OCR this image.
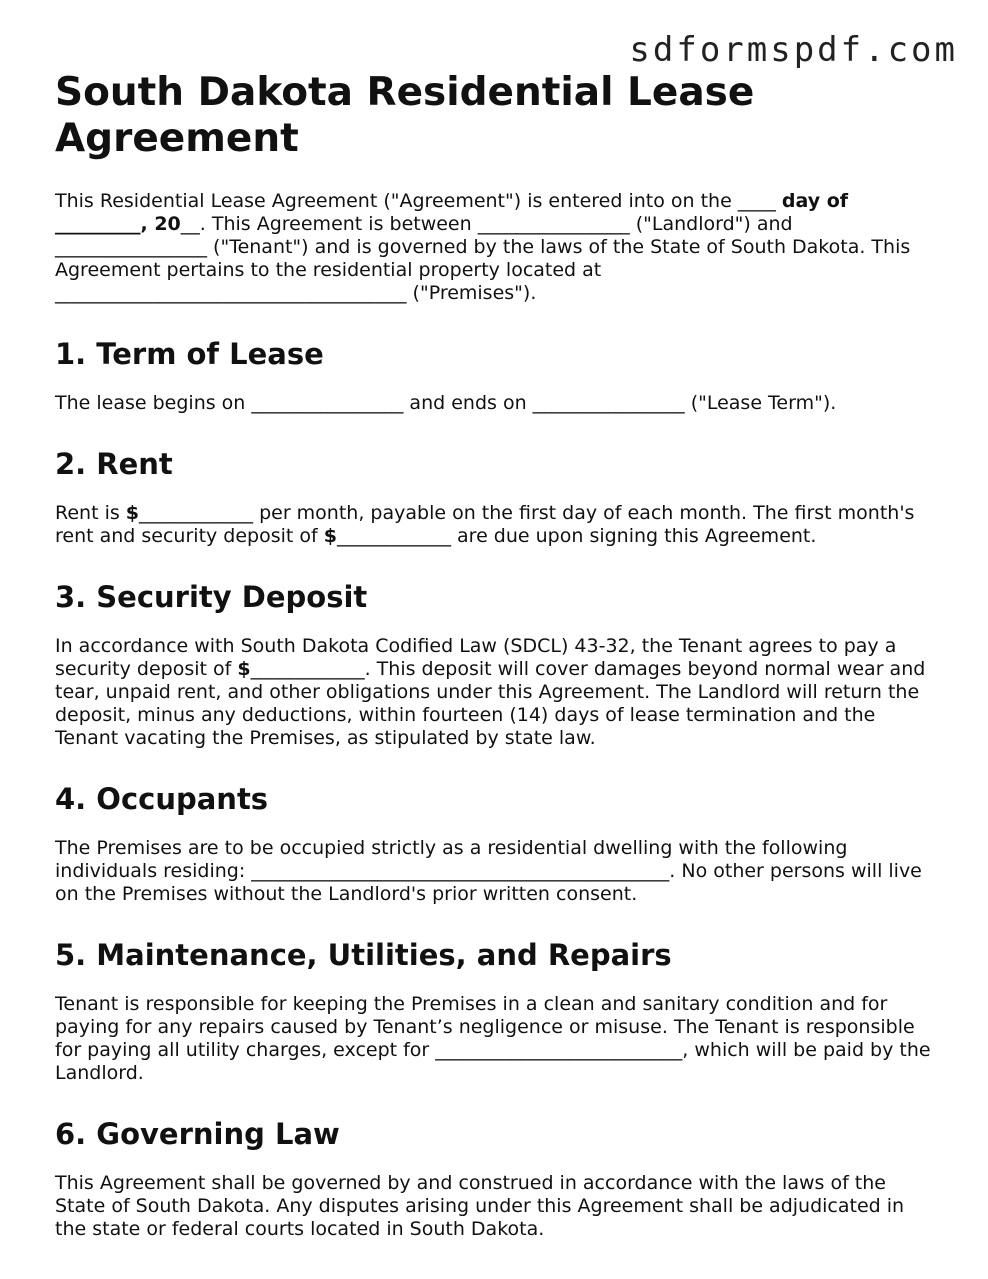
sdformspdf.com
South Dakota Residential Lease Agreement

This Residential Lease Agreement ("Agreement") is entered into on the ____ day of _________, 20__. This Agreement is between ________________ ("Landlord") and ________________ ("Tenant") and is governed by the laws of the State of South Dakota. This Agreement pertains to the residential property located at _____________________________________ ("Premises").

1. Term of Lease

The lease begins on ________________ and ends on ________________ ("Lease Term").

2. Rent

Rent is $____________ per month, payable on the first day of each month. The first month's rent and security deposit of $____________ are due upon signing this Agreement.

3. Security Deposit

In accordance with South Dakota Codified Law (SDCL) 43-32, the Tenant agrees to pay a security deposit of $____________. This deposit will cover damages beyond normal wear and tear, unpaid rent, and other obligations under this Agreement. The Landlord will return the deposit, minus any deductions, within fourteen (14) days of lease termination and the Tenant vacating the Premises, as stipulated by state law.

4. Occupants

The Premises are to be occupied strictly as a residential dwelling with the following individuals residing: ____________________________________________. No other persons will live on the Premises without the Landlord's prior written consent.

5. Maintenance, Utilities, and Repairs

Tenant is responsible for keeping the Premises in a clean and sanitary condition and for paying for any repairs caused by Tenant’s negligence or misuse. The Tenant is responsible for paying all utility charges, except for __________________________, which will be paid by the Landlord.

6. Governing Law

This Agreement shall be governed by and construed in accordance with the laws of the State of South Dakota. Any disputes arising under this Agreement shall be adjudicated in the state or federal courts located in South Dakota.
